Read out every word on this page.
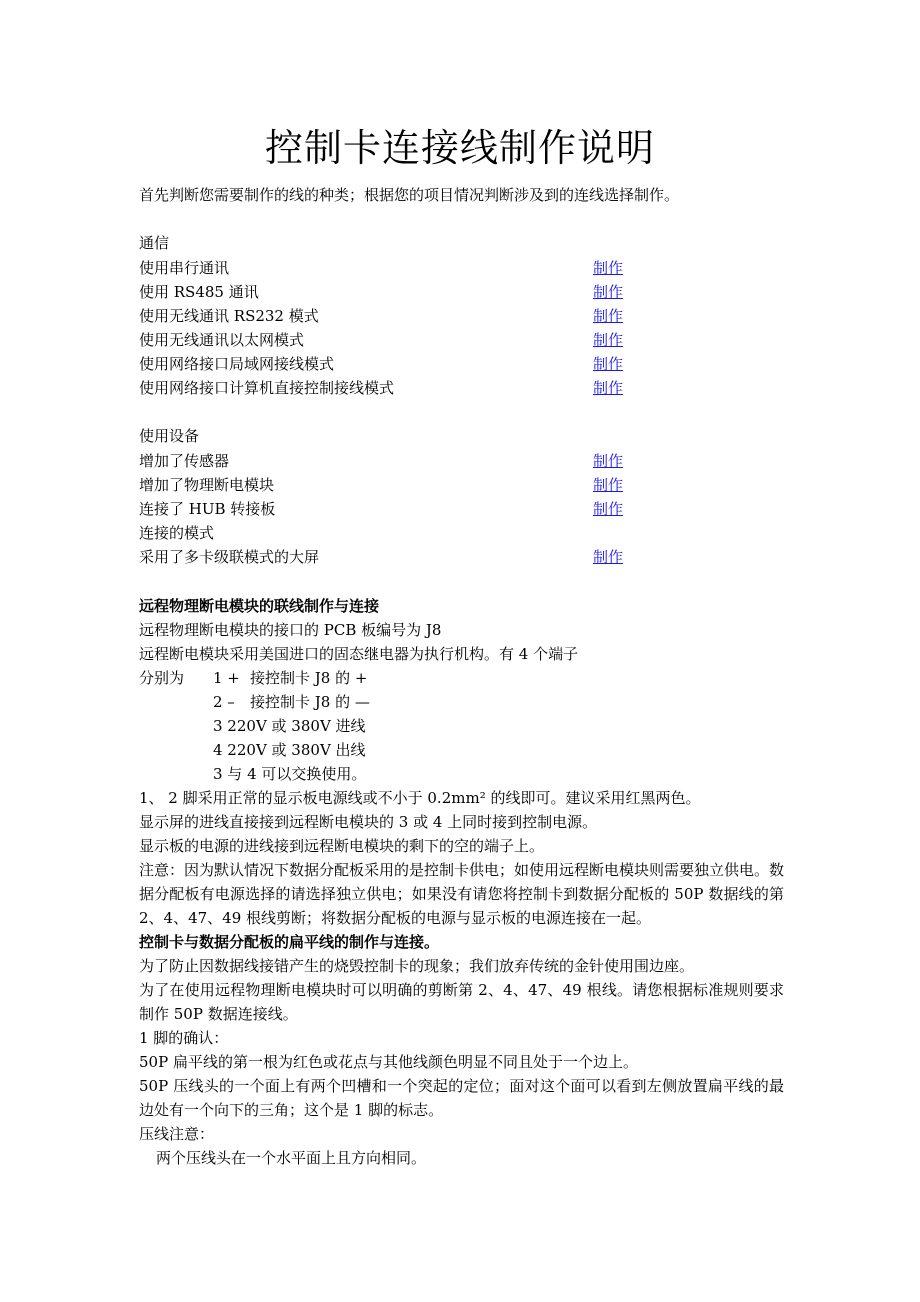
控制卡连接线制作说明
首先判断您需要制作的线的种类；根据您的项目情况判断涉及到的连线选择制作。
通信
使用串行通讯	制作
使用 RS485 通讯	制作
使用无线通讯 RS232 模式	制作
使用无线通讯以太网模式	制作
使用网络接口局域网接线模式	制作
使用网络接口计算机直接控制接线模式	制作
使用设备
增加了传感器	制作
增加了物理断电模块	制作
连接了 HUB 转接板	制作
连接的模式
采用了多卡级联模式的大屏	制作
远程物理断电模块的联线制作与连接
远程物理断电模块的接口的 PCB 板编号为 J8
远程断电模块采用美国进口的固态继电器为执行机构。有 4 个端子
分别为 1 + 接控制卡 J8 的 +
2 – 接控制卡 J8 的 —
3 220V 或 380V 进线
4 220V 或 380V 出线
3 与 4 可以交换使用。
1、 2 脚采用正常的显示板电源线或不小于 0.2mm² 的线即可。建议采用红黑两色。
显示屏的进线直接接到远程断电模块的 3 或 4 上同时接到控制电源。
显示板的电源的进线接到远程断电模块的剩下的空的端子上。
注意：因为默认情况下数据分配板采用的是控制卡供电；如使用远程断电模块则需要独立供电。数据分配板有电源选择的请选择独立供电；如果没有请您将控制卡到数据分配板的 50P 数据线的第 2、4、47、49 根线剪断；将数据分配板的电源与显示板的电源连接在一起。
控制卡与数据分配板的扁平线的制作与连接。
为了防止因数据线接错产生的烧毁控制卡的现象；我们放弃传统的金针使用围边座。
为了在使用远程物理断电模块时可以明确的剪断第 2、4、47、49 根线。请您根据标准规则要求制作 50P 数据连接线。
1 脚的确认：
50P 扁平线的第一根为红色或花点与其他线颜色明显不同且处于一个边上。
50P 压线头的一个面上有两个凹槽和一个突起的定位；面对这个面可以看到左侧放置扁平线的最边处有一个向下的三角；这个是 1 脚的标志。
压线注意：
两个压线头在一个水平面上且方向相同。
